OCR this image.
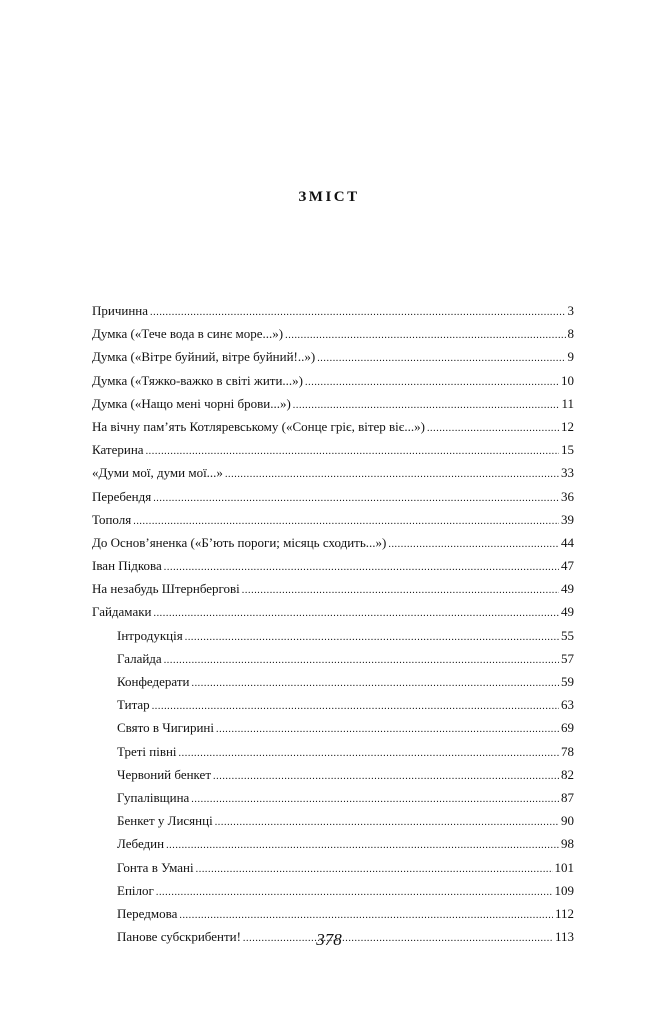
ЗМІСТ
Причинна .....	3
Думка («Тече вода в синє море...») .....	8
Думка («Вітре буйний, вітре буйний!..») .....	9
Думка («Тяжко-важко в світі жити...») .....	10
Думка («Нащо мені чорні брови...») .....	11
На вічну пам’ять Котляревському («Сонце гріє, вітер віє...») .....	12
Катерина .....	15
«Думи мої, думи мої...» .....	33
Перебендя .....	36
Тополя .....	39
До Основ’яненка («Б’ють пороги; місяць сходить...») .....	44
Іван Підкова .....	47
На незабудь Штернбергові .....	49
Гайдамаки .....	49
Інтродукція .....	55
Галайда .....	57
Конфедерати .....	59
Титар .....	63
Свято в Чигирині .....	69
Треті півні .....	78
Червоний бенкет .....	82
Гупалівщина .....	87
Бенкет у Лисянці .....	90
Лебедин .....	98
Гонта в Умані .....	101
Епілог .....	109
Передмова .....	112
Панове субскрибенти! .....	113
378
